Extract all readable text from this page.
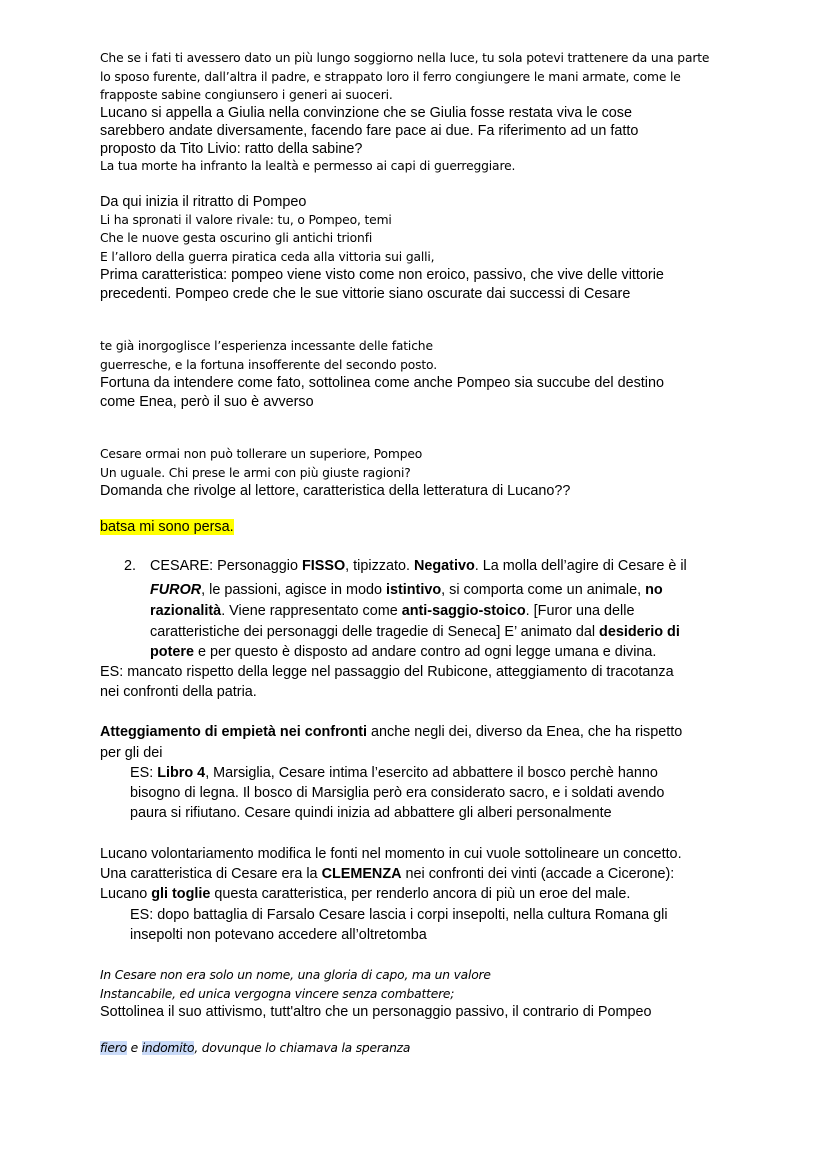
Che se i fati ti avessero dato un più lungo soggiorno nella luce, tu sola potevi trattenere da una parte

lo sposo furente, dall’altra il padre, e strappato loro il ferro congiungere le mani armate, come le

frapposte sabine congiunsero i generi ai suoceri.

Lucano si appella a Giulia nella convinzione che se Giulia fosse restata viva le cose

sarebbero andate diversamente, facendo fare pace ai due. Fa riferimento ad un fatto

proposto da Tito Livio: ratto della sabine?

La tua morte ha infranto la lealtà e permesso ai capi di guerreggiare.

Da qui inizia il ritratto di Pompeo

Li ha spronati il valore rivale: tu, o Pompeo, temi

Che le nuove gesta oscurino gli antichi trionfi

E l’alloro della guerra piratica ceda alla vittoria sui galli,

Prima caratteristica: pompeo viene visto come non eroico, passivo, che vive delle vittorie

precedenti. Pompeo crede che le sue vittorie siano oscurate dai successi di Cesare

te già inorgoglisce l’esperienza incessante delle fatiche

guerresche, e la fortuna insofferente del secondo posto.

Fortuna da intendere come fato, sottolinea come anche Pompeo sia succube del destino

come Enea, però il suo è avverso

Cesare ormai non può tollerare un superiore, Pompeo

Un uguale. Chi prese le armi con più giuste ragioni?

Domanda che rivolge al lettore, caratteristica della letteratura di Lucano??

batsa mi sono persa.

2. CESARE: Personaggio FISSO, tipizzato. Negativo. La molla dell’agire di Cesare è il

FUROR, le passioni, agisce in modo istintivo, si comporta come un animale, no

razionalità. Viene rappresentato come anti-saggio-stoico. [Furor una delle

caratteristiche dei personaggi delle tragedie di Seneca] E’ animato dal desiderio di

potere e per questo è disposto ad andare contro ad ogni legge umana e divina.

ES: mancato rispetto della legge nel passaggio del Rubicone, atteggiamento di tracotanza

nei confronti della patria.

Atteggiamento di empietà nei confronti anche negli dei, diverso da Enea, che ha rispetto

per gli dei

ES: Libro 4, Marsiglia, Cesare intima l’esercito ad abbattere il bosco perchè hanno

bisogno di legna. Il bosco di Marsiglia però era considerato sacro, e i soldati avendo

paura si rifiutano. Cesare quindi inizia ad abbattere gli alberi personalmente

Lucano volontariamento modifica le fonti nel momento in cui vuole sottolineare un concetto.

Una caratteristica di Cesare era la CLEMENZA nei confronti dei vinti (accade a Cicerone):

Lucano gli toglie questa caratteristica, per renderlo ancora di più un eroe del male.

ES: dopo battaglia di Farsalo Cesare lascia i corpi insepolti, nella cultura Romana gli

insepolti non potevano accedere all’oltretomba

In Cesare non era solo un nome, una gloria di capo, ma un valore

Instancabile, ed unica vergogna vincere senza combattere;

Sottolinea il suo attivismo, tutt'altro che un personaggio passivo, il contrario di Pompeo

fiero e indomito, dovunque lo chiamava la speranza
